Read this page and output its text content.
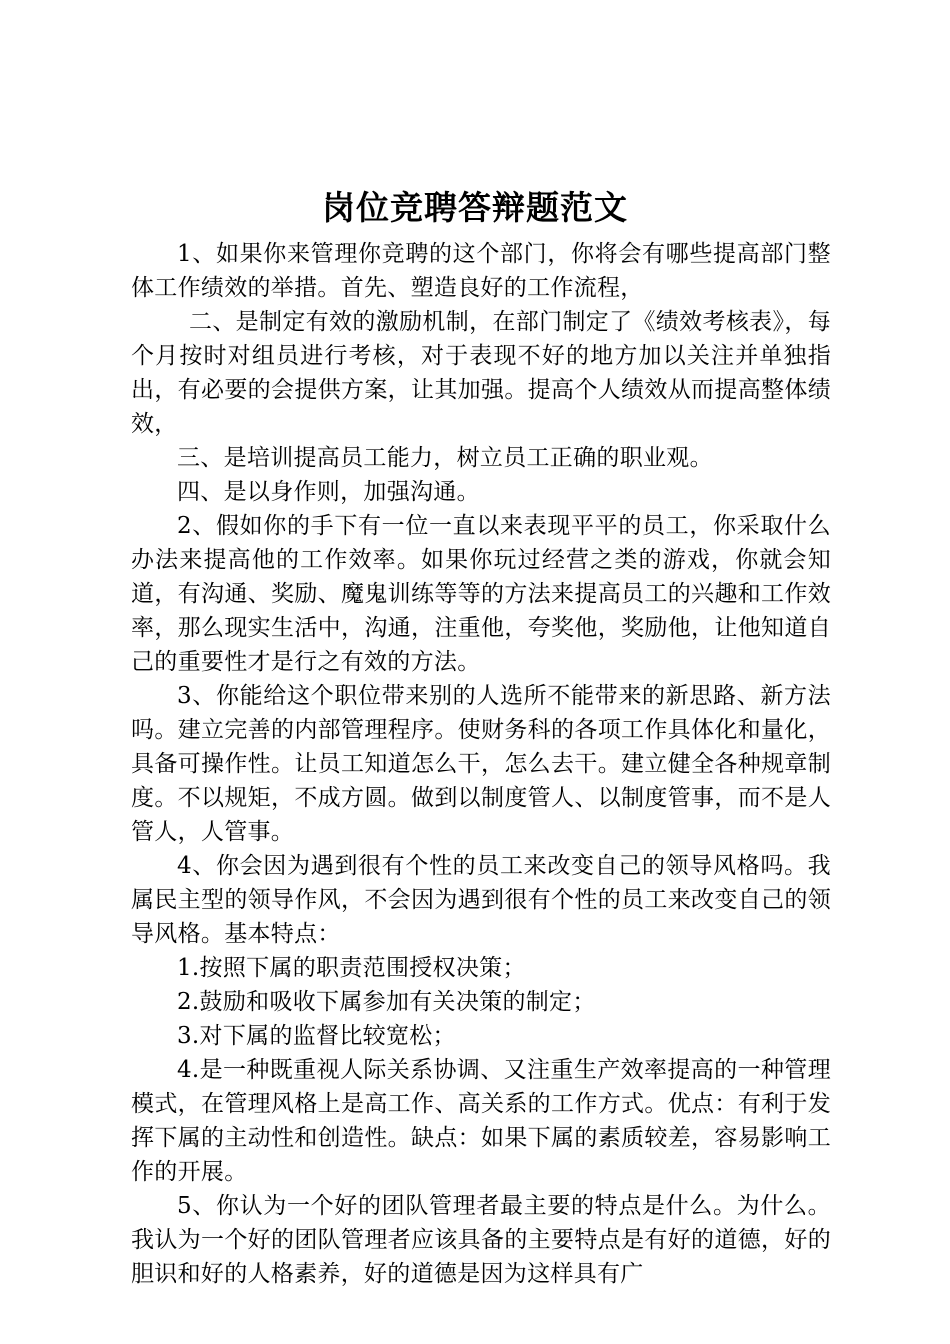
岗位竞聘答辩题范文

1、如果你来管理你竞聘的这个部门，你将会有哪些提高部门整体工作绩效的举措。首先、塑造良好的工作流程，

二、是制定有效的激励机制，在部门制定了《绩效考核表》，每个月按时对组员进行考核，对于表现不好的地方加以关注并单独指出，有必要的会提供方案，让其加强。提高个人绩效从而提高整体绩效，

三、是培训提高员工能力，树立员工正确的职业观。

四、是以身作则，加强沟通。

2、假如你的手下有一位一直以来表现平平的员工，你采取什么办法来提高他的工作效率。如果你玩过经营之类的游戏，你就会知道，有沟通、奖励、魔鬼训练等等的方法来提高员工的兴趣和工作效率，那么现实生活中，沟通，注重他，夸奖他，奖励他，让他知道自己的重要性才是行之有效的方法。

3、你能给这个职位带来别的人选所不能带来的新思路、新方法吗。建立完善的内部管理程序。使财务科的各项工作具体化和量化，具备可操作性。让员工知道怎么干，怎么去干。建立健全各种规章制度。不以规矩，不成方圆。做到以制度管人、以制度管事，而不是人管人，人管事。

4、你会因为遇到很有个性的员工来改变自己的领导风格吗。我属民主型的领导作风，不会因为遇到很有个性的员工来改变自己的领导风格。基本特点：

1.按照下属的职责范围授权决策；

2.鼓励和吸收下属参加有关决策的制定；

3.对下属的监督比较宽松；

4.是一种既重视人际关系协调、又注重生产效率提高的一种管理模式，在管理风格上是高工作、高关系的工作方式。优点：有利于发挥下属的主动性和创造性。缺点：如果下属的素质较差，容易影响工作的开展。

5、你认为一个好的团队管理者最主要的特点是什么。为什么。我认为一个好的团队管理者应该具备的主要特点是有好的道德，好的胆识和好的人格素养，好的道德是因为这样具有广
